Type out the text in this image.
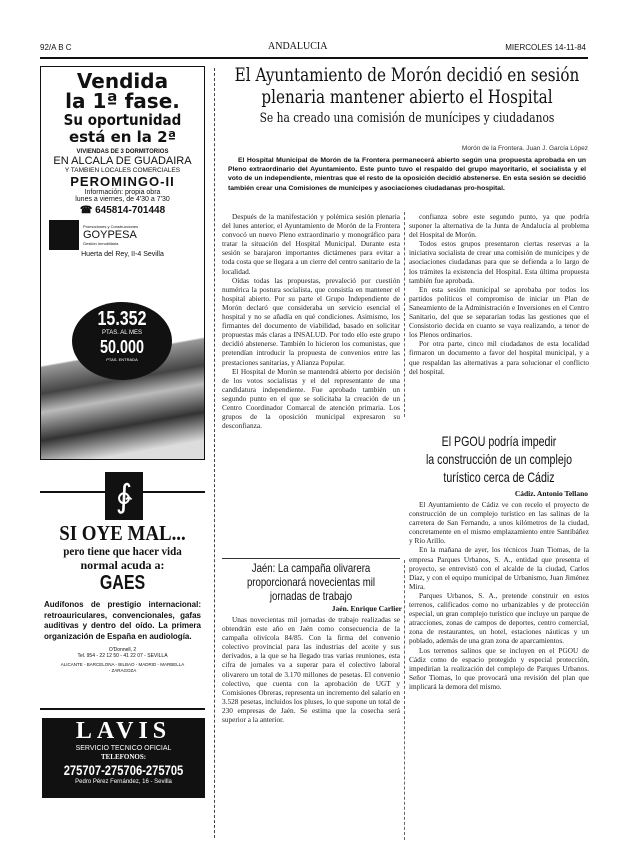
92/A B C	ANDALUCIA	MIERCOLES 14-11-84
El Ayuntamiento de Morón decidió en sesión
plenaria mantener abierto el Hospital
Se ha creado una comisión de munícipes y ciudadanos
Morón de la Frontera. Juan J. García López
El Hospital Municipal de Morón de la Frontera permanecerá abierto según una propuesta aprobada en un Pleno extraordinario del Ayuntamiento. Este punto tuvo el respaldo del grupo mayoritario, el socialista y el voto de un independiente, mientras que el resto de la oposición decidió abstenerse. En esta sesión se decidió también crear una Comisiones de munícipes y asociaciones ciudadanas pro-hospital.

Después de la manifestación y polémica sesión plenaria del lunes anterior, el Ayuntamiento de Morón de la Frontera convocó un nuevo Pleno extraordinario y monográfico para tratar la situación del Hospital Municipal. Durante esta sesión se barajaron importantes dictámenes para evitar a toda costa que se llegara a un cierre del centro sanitario de la localidad.

Oídas todas las propuestas, prevaleció por cuestión numérica la postura socialista, que consistía en mantener el hospital abierto. Por su parte el Grupo Independiente de Morón declaró que consideraba un servicio esencial el hospital y no se añadía en qué condiciones. Asimismo, los firmantes del documento de viabilidad, basado en solicitar propuestas más claras a INSALUD. Por todo ello este grupo decidió abstenerse. También lo hicieron los comunistas, que pretendían introducir la propuesta de convenios entre las prestaciones sanitarias, y Alianza Popular.

El Hospital de Morón se mantendrá abierto por decisión de los votos socialistas y el del representante de una candidatura independiente. Fue aprobado también un segundo punto en el que se solicitaba la creación de un Centro Coordinador Comarcal de atención primaria. Los grupos de la oposición municipal expresaron su desconfianza.

confianza sobre este segundo punto, ya que podría suponer la alternativa de la Junta de Andalucía al problema del Hospital de Morón.

Todos estos grupos presentaron ciertas reservas a la iniciativa socialista de crear una comisión de munícipes y de asociaciones ciudadanas para que se defienda a lo largo de los trámites la existencia del Hospital. Esta última propuesta también fue aprobada.

En esta sesión municipal se aprobaba por todos los partidos políticos el compromiso de iniciar un Plan de Saneamiento de la Administración e Inversiones en el Centro Sanitario, del que se separarían todas las gestiones que el Consistorio decida en cuanto se vaya realizando, a tenor de los Plenos ordinarios.

Por otra parte, cinco mil ciudadanos de esta localidad firmaron un documento a favor del hospital municipal, y a que respaldan las alternativas a para solucionar el conflicto del hospital.

El PGOU podría impedir
la construcción de un complejo
turístico cerca de Cádiz
Cádiz. Antonio Tellano

El Ayuntamiento de Cádiz ve con recelo el proyecto de construcción de un complejo turístico en las salinas de la carretera de San Fernando, a unos kilómetros de la ciudad, concretamente en el mismo emplazamiento entre Santibáñez y Río Arillo.

En la mañana de ayer, los técnicos Juan Tiomas, de la empresa Parques Urbanos, S. A., entidad que presenta el proyecto, se entrevistó con el alcalde de la ciudad, Carlos Díaz, y con el equipo municipal de Urbanismo, Juan Jiménez Mira.

Parques Urbanos, S. A., pretende construir en estos terrenos, calificados como no urbanizables y de protección especial, un gran complejo turístico que incluye un parque de atracciones, zonas de campos de deportes, centro comercial, zona de restaurantes, un hotel, estaciones náuticas y un poblado, además de una gran zona de aparcamientos.

Los terrenos salinos que se incluyen en el PGOU de Cádiz como de espacio protegido y especial protección, impedirían la realización del complejo de Parques Urbanos. Señor Tiomas, lo que provocará una revisión del plan que implicará la demora del mismo.

Jaén: La campaña olivarera
proporcionará novecientas mil
jornadas de trabajo
Jaén. Enrique Carlier

Unas novecientas mil jornadas de trabajo realizadas se obtendrán este año en Jaén como consecuencia de la campaña olivícola 84/85. Con la firma del convenio colectivo provincial para las industrias del aceite y sus derivados, a la que se ha llegado tras varias reuniones, esta cifra de jornales va a superar para el colectivo laboral olivarero un total de 3.170 millones de pesetas. El convenio colectivo, que cuenta con la aprobación de UGT y Comisiones Obreras, representa un incremento del salario en 3.528 pesetas, incluidos los pluses, lo que supone un total de 230 empresas de Jaén. Se estima que la cosecha será superior a la anterior.

Vendida
la 1ª fase.
Su oportunidad
está en la 2ª
VIVIENDAS DE 3 DORMITORIOS
EN ALCALA DE GUADAIRA
Y TAMBIEN LOCALES COMERCIALES
PEROMINGO-II
Información: propia obra
lunes a viernes, de 4'30 a 7'30
☎ 645814-701448
Promociones y Construcciones
GOYPESA
Gestión Inmobiliaria
Huerta del Rey, II-4 Sevilla
15.352
PTAS. AL MES
50.000
PTAS. ENTRADA
∳
SI OYE MAL...
pero tiene que hacer vida
normal acuda a:
GAES
Audífonos de prestigio internacional: retroauriculares, convencionales, gafas auditivas y dentro del oído. La primera organización de España en audiología.
O'Donnell, 2
Tel. 954 - 22 12 50 - 41 22 07 - SEVILLA
ALICANTE - BARCELONA - BILBAO - MADRID - MARBELLA - ZARAGOZA
LAVIS
SERVICIO TECNICO OFICIAL
TELEFONOS:
275707-275706-275705
Pedro Pérez Fernández, 16 - Sevilla
